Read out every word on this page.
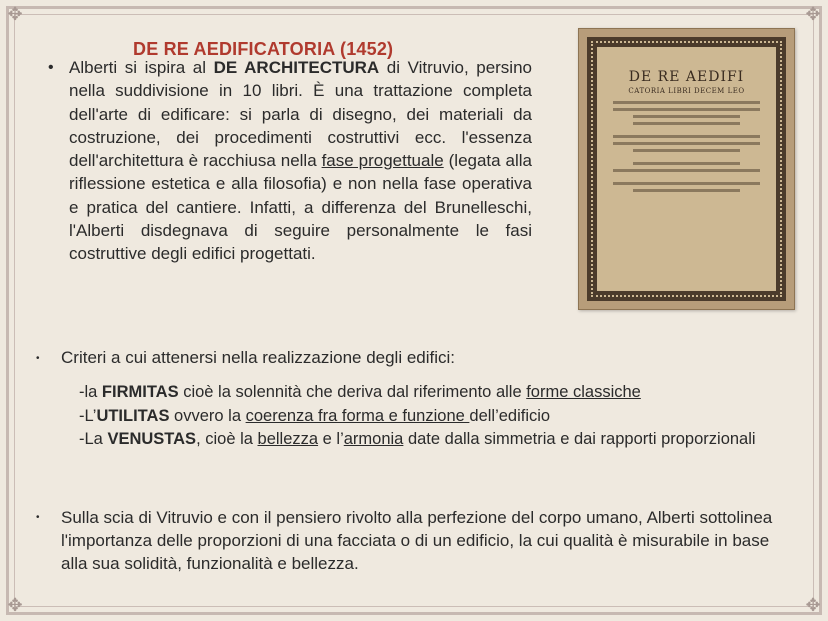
✥	✥
✥	✥
• Alberti si ispira al DE ARCHITECTURA di Vitruvio, persino nella suddivisione in 10 libri. È una trattazione completa dell'arte di edificare: si parla di disegno, dei materiali da costruzione, dei procedimenti costruttivi ecc. l'essenza dell'architettura è racchiusa nella fase progettuale (legata alla riflessione estetica e alla filosofia) e non nella fase operativa e pratica del cantiere. Infatti, a differenza del Brunelleschi, l'Alberti disdegnava di seguire personalmente le fasi costruttive degli edifici progettati.
DE RE AEDIFICATORIA (1452)
DE RE AEDIFI
CATORIA LIBRI DECEM LEO
• Criteri a cui attenersi nella realizzazione degli edifici:
-la FIRMITAS cioè la solennità che deriva dal riferimento alle forme classiche
-L’UTILITAS ovvero la coerenza fra forma e funzione dell’edificio
-La VENUSTAS, cioè la bellezza e l’armonia date dalla simmetria e dai rapporti proporzionali
• Sulla scia di Vitruvio e con il pensiero rivolto alla perfezione del corpo umano, Alberti sottolinea l'importanza delle proporzioni di una facciata o di un edificio, la cui qualità è misurabile in base alla sua solidità, funzionalità e bellezza.
